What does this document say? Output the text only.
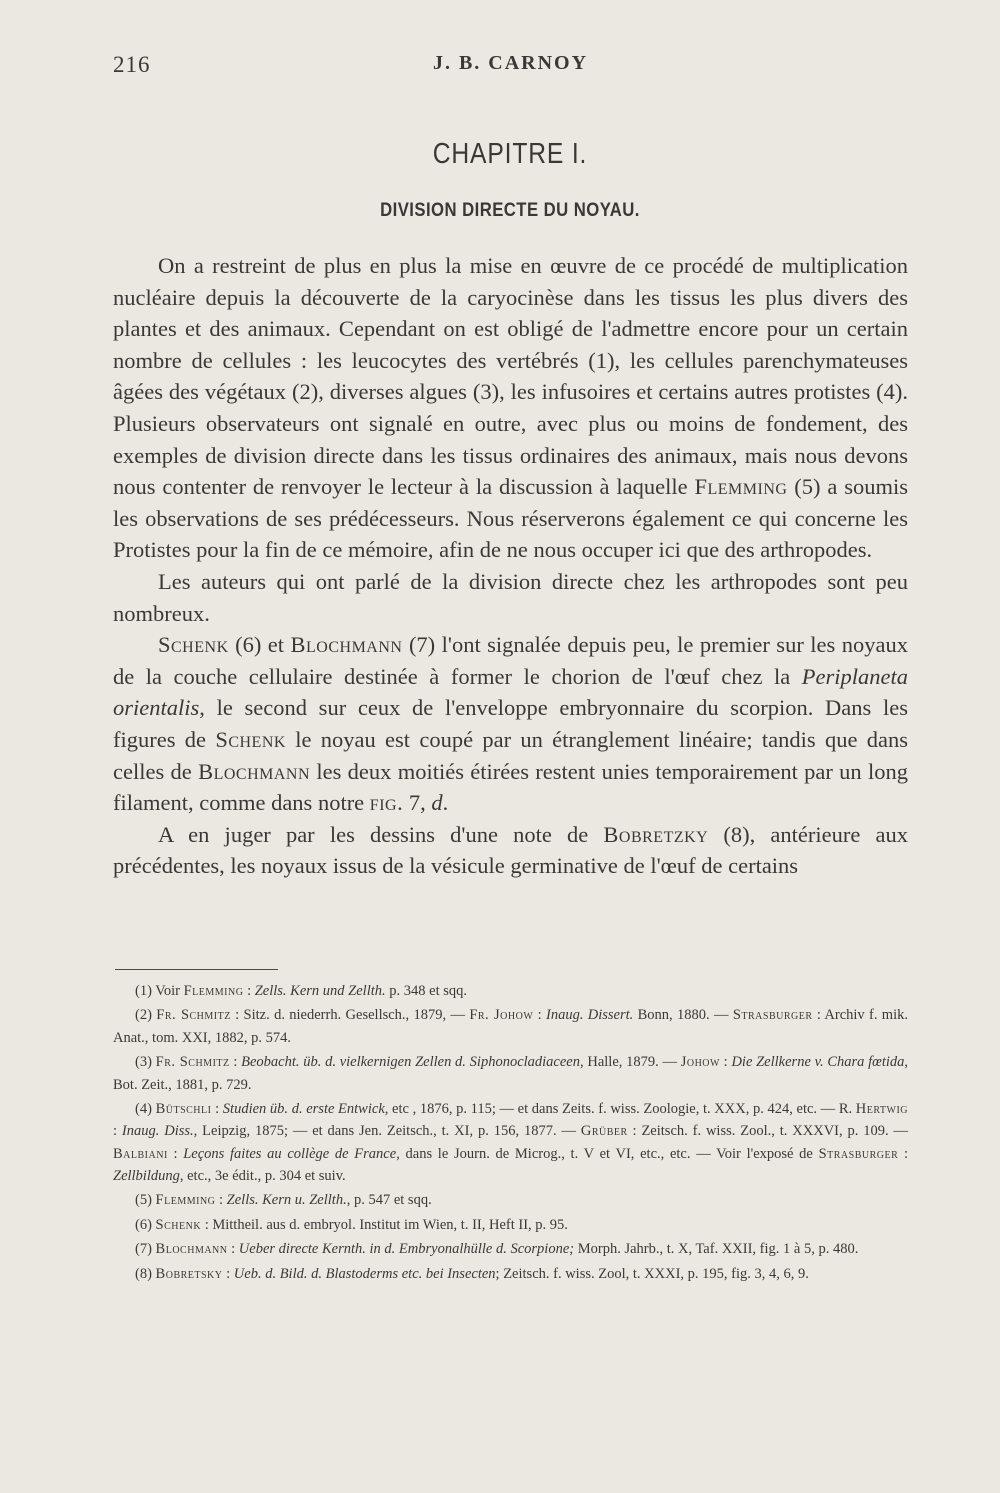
216	J. B. CARNOY
CHAPITRE I.
DIVISION DIRECTE DU NOYAU.

On a restreint de plus en plus la mise en œuvre de ce procédé de multiplication nucléaire depuis la découverte de la caryocinèse dans les tissus les plus divers des plantes et des animaux. Cependant on est obligé de l'admettre encore pour un certain nombre de cellules : les leucocytes des vertébrés (1), les cellules parenchymateuses âgées des végétaux (2), diverses algues (3), les infusoires et certains autres protistes (4). Plusieurs observateurs ont signalé en outre, avec plus ou moins de fondement, des exemples de division directe dans les tissus ordinaires des animaux, mais nous devons nous contenter de renvoyer le lecteur à la discussion à laquelle Flemming (5) a soumis les observations de ses prédécesseurs. Nous réserverons également ce qui concerne les Protistes pour la fin de ce mémoire, afin de ne nous occuper ici que des arthropodes.

Les auteurs qui ont parlé de la division directe chez les arthropodes sont peu nombreux.

Schenk (6) et Blochmann (7) l'ont signalée depuis peu, le premier sur les noyaux de la couche cellulaire destinée à former le chorion de l'œuf chez la Periplaneta orientalis, le second sur ceux de l'enveloppe embryonnaire du scorpion. Dans les figures de Schenk le noyau est coupé par un étranglement linéaire; tandis que dans celles de Blochmann les deux moitiés étirées restent unies temporairement par un long filament, comme dans notre fig. 7, d.

A en juger par les dessins d'une note de Bobretzky (8), antérieure aux précédentes, les noyaux issus de la vésicule germinative de l'œuf de certains

(1) Voir Flemming : Zells. Kern und Zellth. p. 348 et sqq.

(2) Fr. Schmitz : Sitz. d. niederrh. Gesellsch., 1879, — Fr. Johow : Inaug. Dissert. Bonn, 1880. — Strasburger : Archiv f. mik. Anat., tom. XXI, 1882, p. 574.

(3) Fr. Schmitz : Beobacht. üb. d. vielkernigen Zellen d. Siphonocladiaceen, Halle, 1879. — Johow : Die Zellkerne v. Chara fœtida, Bot. Zeit., 1881, p. 729.

(4) Bütschli : Studien üb. d. erste Entwick, etc , 1876, p. 115; — et dans Zeits. f. wiss. Zoologie, t. XXX, p. 424, etc. — R. Hertwig : Inaug. Diss., Leipzig, 1875; — et dans Jen. Zeitsch., t. XI, p. 156, 1877. — Grüber : Zeitsch. f. wiss. Zool., t. XXXVI, p. 109. — Balbiani : Leçons faites au collège de France, dans le Journ. de Microg., t. V et VI, etc., etc. — Voir l'exposé de Strasburger : Zellbildung, etc., 3e édit., p. 304 et suiv.

(5) Flemming : Zells. Kern u. Zellth., p. 547 et sqq.

(6) Schenk : Mittheil. aus d. embryol. Institut im Wien, t. II, Heft II, p. 95.

(7) Blochmann : Ueber directe Kernth. in d. Embryonalhülle d. Scorpione; Morph. Jahrb., t. X, Taf. XXII, fig. 1 à 5, p. 480.

(8) Bobretsky : Ueb. d. Bild. d. Blastoderms etc. bei Insecten; Zeitsch. f. wiss. Zool, t. XXXI, p. 195, fig. 3, 4, 6, 9.
